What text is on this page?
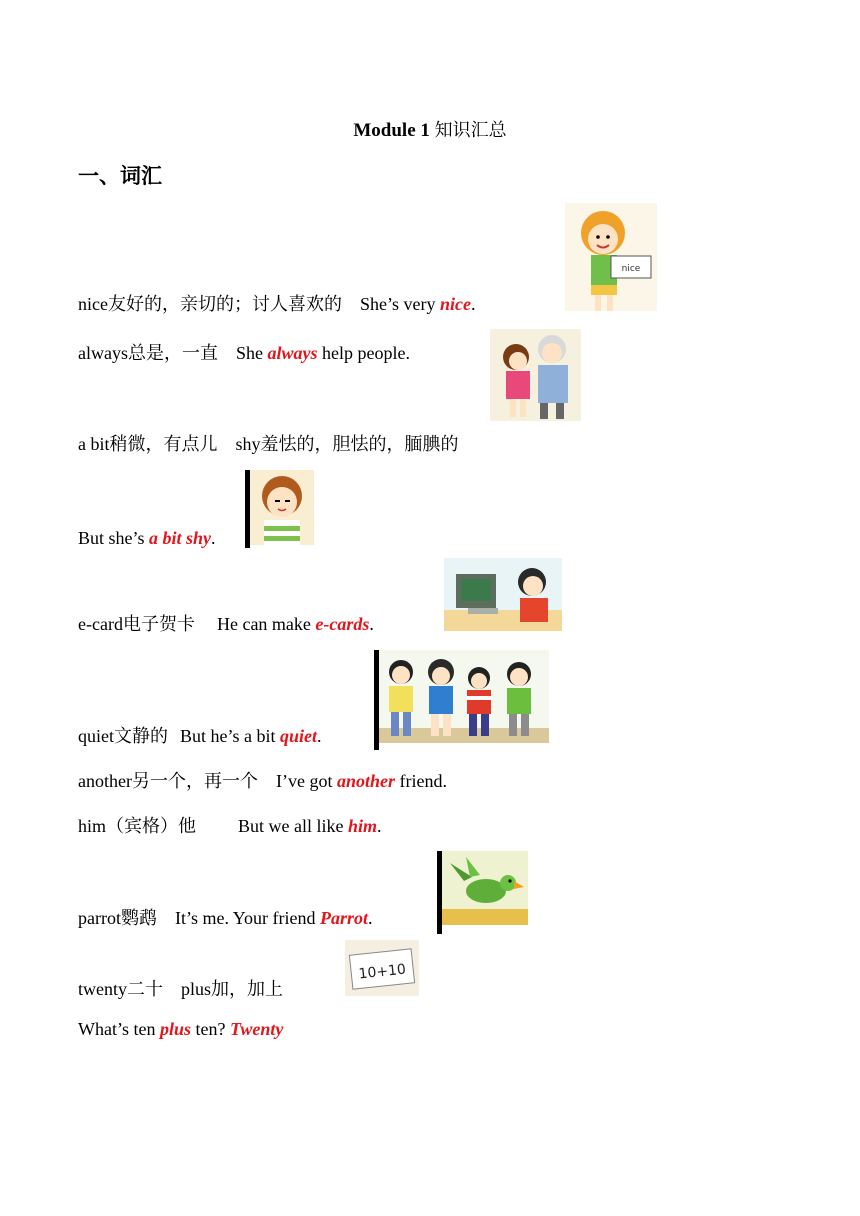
Module 1 知识汇总
一、词汇
nice友好的，亲切的；讨人喜欢的 She’s very nice.
nice
always总是，一直 She always help people.
a bit稍微，有点儿 shy羞怯的，胆怯的，腼腆的
But she’s a bit shy.
e-card电子贺卡 He can make e-cards.
quiet文静的 But he’s a bit quiet.
another另一个，再一个 I’ve got another friend.
him（宾格）他 But we all like him.
parrot鹦鹉 It’s me. Your friend Parrot.
twenty二十 plus加，加上
10+10
What’s ten plus ten? Twenty
